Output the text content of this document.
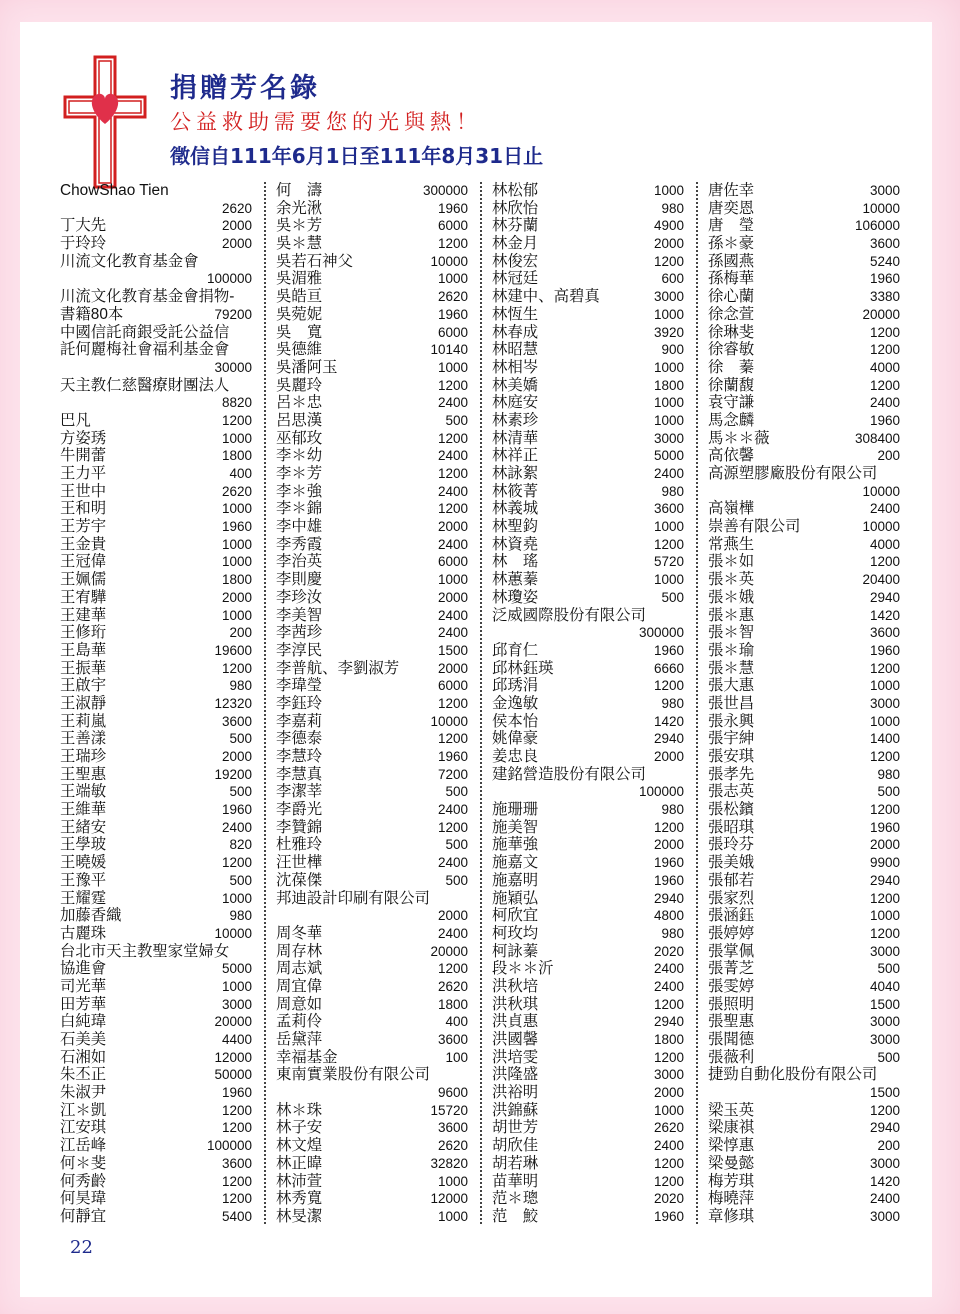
捐贈芳名錄
公益救助需要您的光與熱！
徵信自111年6月1日至111年8月31日止
ChowShao Tien
2620
丁大先	2000
于玲玲	2000
川流文化教育基金會
100000
川流文化教育基金會捐物-
書籍80本	79200
中國信託商銀受託公益信
託何麗梅社會福利基金會
30000
天主教仁慈醫療財團法人
8820
巴凡	1200
方姿琇	1000
牛開蕾	1800
王力平	400
王世中	2620
王和明	1000
王芳宇	1960
王金貴	1000
王冠偉	1000
王姵儒	1800
王宥驊	2000
王建華	1000
王修珩	200
王島華	19600
王振華	1200
王啟宇	980
王淑靜	12320
王莉嵐	3600
王善漾	500
王瑞珍	2000
王聖惠	19200
王端敏	500
王維華	1960
王緒安	2400
王學玻	820
王曉媛	1200
王豫平	500
王耀霆	1000
加藤香織	980
古麗珠	10000
台北市天主教聖家堂婦女
協進會	5000
司光華	1000
田芳華	3000
白純瑋	20000
石美美	4400
石湘如	12000
朱丕正	50000
朱淑尹	1960
江＊凱	1200
江安琪	1200
江岳峰	100000
何＊斐	3600
何秀齡	1200
何昊瑋	1200
何靜宜	5400
何　濤	300000
余光湫	1960
吳＊芳	6000
吳＊慧	1200
吳若石神父	10000
吳湄雅	1000
吳皓亘	2620
吳菀妮	1960
吳　寬	6000
吳德維	10140
吳潘阿玉	1000
吳麗玲	1200
呂＊忠	2400
呂思漢	500
巫郁玫	1200
李＊幼	2400
李＊芳	1200
李＊強	2400
李＊錦	1200
李中雄	2000
李秀霞	2400
李治英	6000
李則慶	1000
李珍汝	2000
李美智	2400
李茜珍	2400
李淳民	1500
李普航、李劉淑芳	2000
李瑋瑩	6000
李鈺玲	1200
李嘉莉	10000
李德泰	1200
李慧玲	1960
李慧真	7200
李潔莘	500
李爵光	2400
李贊錦	1200
杜雅玲	500
汪世樺	2400
沈葆傑	500
邦迪設計印刷有限公司
2000
周冬華	2400
周存林	20000
周志斌	1200
周宜偉	2620
周意如	1800
孟莉伶	400
岳黛萍	3600
幸福基金	100
東南實業股份有限公司
9600
林＊珠	15720
林子安	3600
林文煌	2620
林正暐	32820
林沛萱	1000
林秀寬	12000
林旻潔	1000
林松郁	1000
林欣怡	980
林芬蘭	4900
林金月	2000
林俊宏	1200
林冠廷	600
林建中、高碧真	3000
林恆生	1000
林春成	3920
林昭慧	900
林相岑	1000
林美嬌	1800
林庭安	1000
林素珍	1000
林清華	3000
林祥正	5000
林詠絮	2400
林筱菁	980
林義城	3600
林聖鈞	1000
林資堯	1200
林　瑤	5720
林蕙蓁	1000
林瓊姿	500
泛威國際股份有限公司
300000
邱育仁	1960
邱林鈺瑛	6660
邱琇涓	1200
金逸敏	980
侯本怡	1420
姚偉豪	2940
姜忠良	2000
建銘營造股份有限公司
100000
施珊珊	980
施美智	1200
施華強	2000
施嘉文	1960
施嘉明	1960
施穎弘	2940
柯欣宜	4800
柯玫均	980
柯詠蓁	2020
段＊＊沂	2400
洪秋培	2400
洪秋琪	1200
洪貞惠	2940
洪國馨	1800
洪培雯	1200
洪隆盛	3000
洪裕明	2000
洪錦蘇	1000
胡世芳	2620
胡欣佳	2400
胡若琳	1200
苗華明	1200
范＊璁	2020
范　鮫	1960
唐佐幸	3000
唐奕恩	10000
唐　瑩	106000
孫＊豪	3600
孫國燕	5240
孫梅華	1960
徐心蘭	3380
徐念萱	20000
徐琳斐	1200
徐睿敏	1200
徐　蓁	4000
徐蘭馥	1200
袁守謙	2400
馬念麟	1960
馬＊＊薇	308400
高依馨	200
高源塑膠廠股份有限公司
10000
高嶺樺	2400
崇善有限公司	10000
常燕生	4000
張＊如	1200
張＊英	20400
張＊娥	2940
張＊惠	1420
張＊智	3600
張＊瑜	1960
張＊慧	1200
張大惠	1000
張世昌	3000
張永興	1000
張宇紳	1400
張安琪	1200
張孝先	980
張志英	500
張松鑌	1200
張昭琪	1960
張玲芬	2000
張美娥	9900
張郁若	2940
張家烈	1200
張涵鈺	1000
張婷婷	1200
張掌佩	3000
張菁芝	500
張雯婷	4040
張照明	1500
張聖惠	3000
張聞德	3000
張薇利	500
捷勁自動化股份有限公司
1500
梁玉英	1200
梁康祺	2940
梁惇惠	200
梁曼懿	3000
梅芳琪	1420
梅曉萍	2400
章修琪	3000
22
